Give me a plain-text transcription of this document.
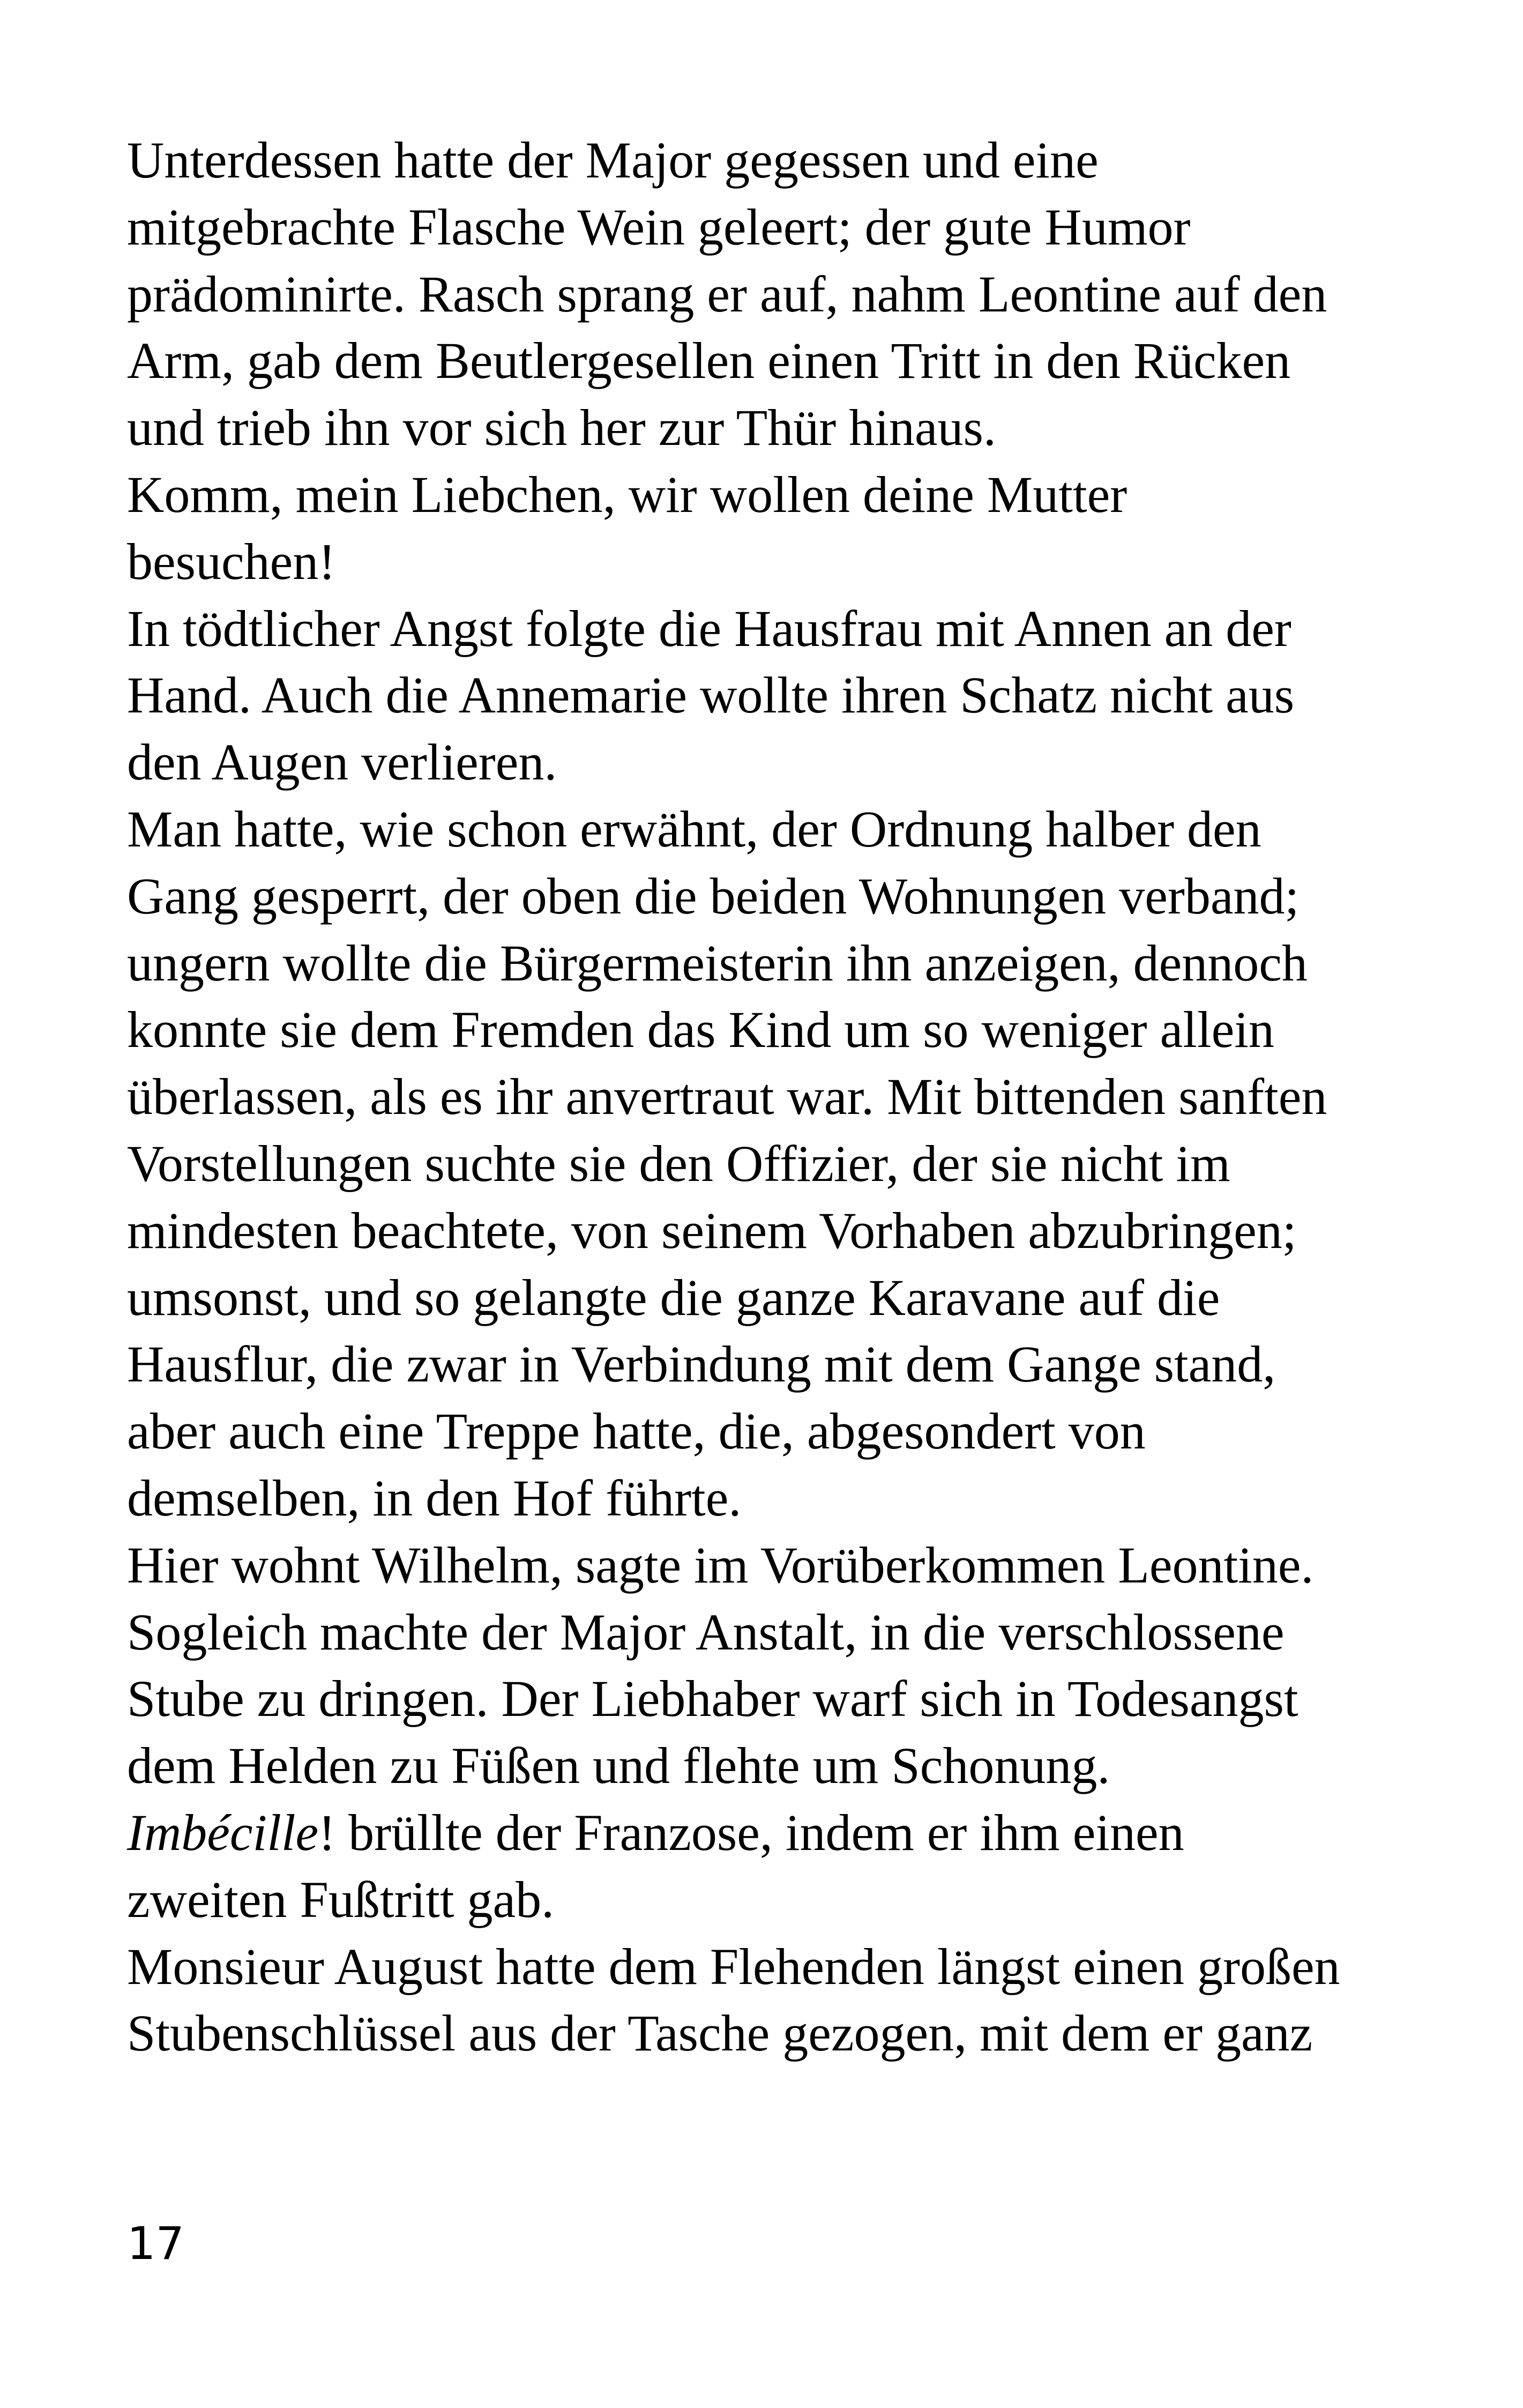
Unterdessen hatte der Major gegessen und eine
mitgebrachte Flasche Wein geleert; der gute Humor
prädominirte. Rasch sprang er auf, nahm Leontine auf den
Arm, gab dem Beutlergesellen einen Tritt in den Rücken
und trieb ihn vor sich her zur Thür hinaus.
Komm, mein Liebchen, wir wollen deine Mutter
besuchen!
In tödtlicher Angst folgte die Hausfrau mit Annen an der
Hand. Auch die Annemarie wollte ihren Schatz nicht aus
den Augen verlieren.
Man hatte, wie schon erwähnt, der Ordnung halber den
Gang gesperrt, der oben die beiden Wohnungen verband;
ungern wollte die Bürgermeisterin ihn anzeigen, dennoch
konnte sie dem Fremden das Kind um so weniger allein
überlassen, als es ihr anvertraut war. Mit bittenden sanften
Vorstellungen suchte sie den Offizier, der sie nicht im
mindesten beachtete, von seinem Vorhaben abzubringen;
umsonst, und so gelangte die ganze Karavane auf die
Hausflur, die zwar in Verbindung mit dem Gange stand,
aber auch eine Treppe hatte, die, abgesondert von
demselben, in den Hof führte.
Hier wohnt Wilhelm, sagte im Vorüberkommen Leontine.
Sogleich machte der Major Anstalt, in die verschlossene
Stube zu dringen. Der Liebhaber warf sich in Todesangst
dem Helden zu Füßen und flehte um Schonung.
Imbécille! brüllte der Franzose, indem er ihm einen
zweiten Fußtritt gab.
Monsieur August hatte dem Flehenden längst einen großen
Stubenschlüssel aus der Tasche gezogen, mit dem er ganz
17
